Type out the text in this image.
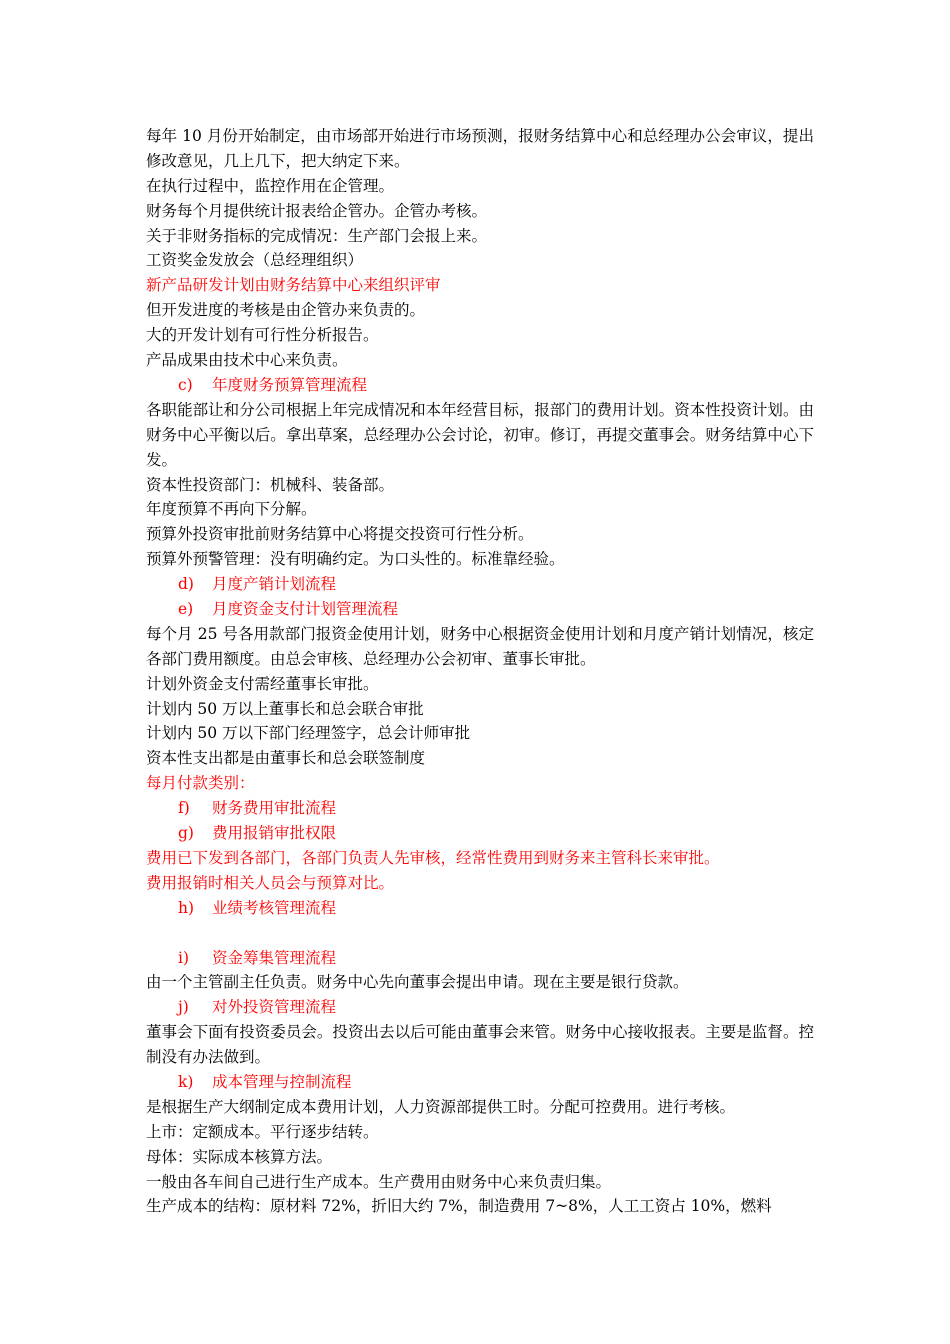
每年 10 月份开始制定，由市场部开始进行市场预测，报财务结算中心和总经理办公会审议，提出修改意见，几上几下，把大纳定下来。
在执行过程中，监控作用在企管理。
财务每个月提供统计报表给企管办。企管办考核。
关于非财务指标的完成情况：生产部门会报上来。
工资奖金发放会（总经理组织）
新产品研发计划由财务结算中心来组织评审
但开发进度的考核是由企管办来负责的。
大的开发计划有可行性分析报告。
产品成果由技术中心来负责。
c) 年度财务预算管理流程
各职能部让和分公司根据上年完成情况和本年经营目标，报部门的费用计划。资本性投资计划。由财务中心平衡以后。拿出草案，总经理办公会讨论，初审。修订，再提交董事会。财务结算中心下发。
资本性投资部门：机械科、装备部。
年度预算不再向下分解。
预算外投资审批前财务结算中心将提交投资可行性分析。
预算外预警管理：没有明确约定。为口头性的。标准靠经验。
d) 月度产销计划流程
e) 月度资金支付计划管理流程
每个月 25 号各用款部门报资金使用计划，财务中心根据资金使用计划和月度产销计划情况，核定各部门费用额度。由总会审核、总经理办公会初审、董事长审批。
计划外资金支付需经董事长审批。
计划内 50 万以上董事长和总会联合审批
计划内 50 万以下部门经理签字，总会计师审批
资本性支出都是由董事长和总会联签制度
每月付款类别：
f) 财务费用审批流程
g) 费用报销审批权限
费用已下发到各部门，各部门负责人先审核，经常性费用到财务来主管科长来审批。
费用报销时相关人员会与预算对比。
h) 业绩考核管理流程
i) 资金筹集管理流程
由一个主管副主任负责。财务中心先向董事会提出申请。现在主要是银行贷款。
j) 对外投资管理流程
董事会下面有投资委员会。投资出去以后可能由董事会来管。财务中心接收报表。主要是监督。控制没有办法做到。
k) 成本管理与控制流程
是根据生产大纲制定成本费用计划，人力资源部提供工时。分配可控费用。进行考核。
上市：定额成本。平行逐步结转。
母体：实际成本核算方法。
一般由各车间自己进行生产成本。生产费用由财务中心来负责归集。
生产成本的结构：原材料 72%，折旧大约 7%，制造费用 7~8%，人工工资占 10%，燃料
